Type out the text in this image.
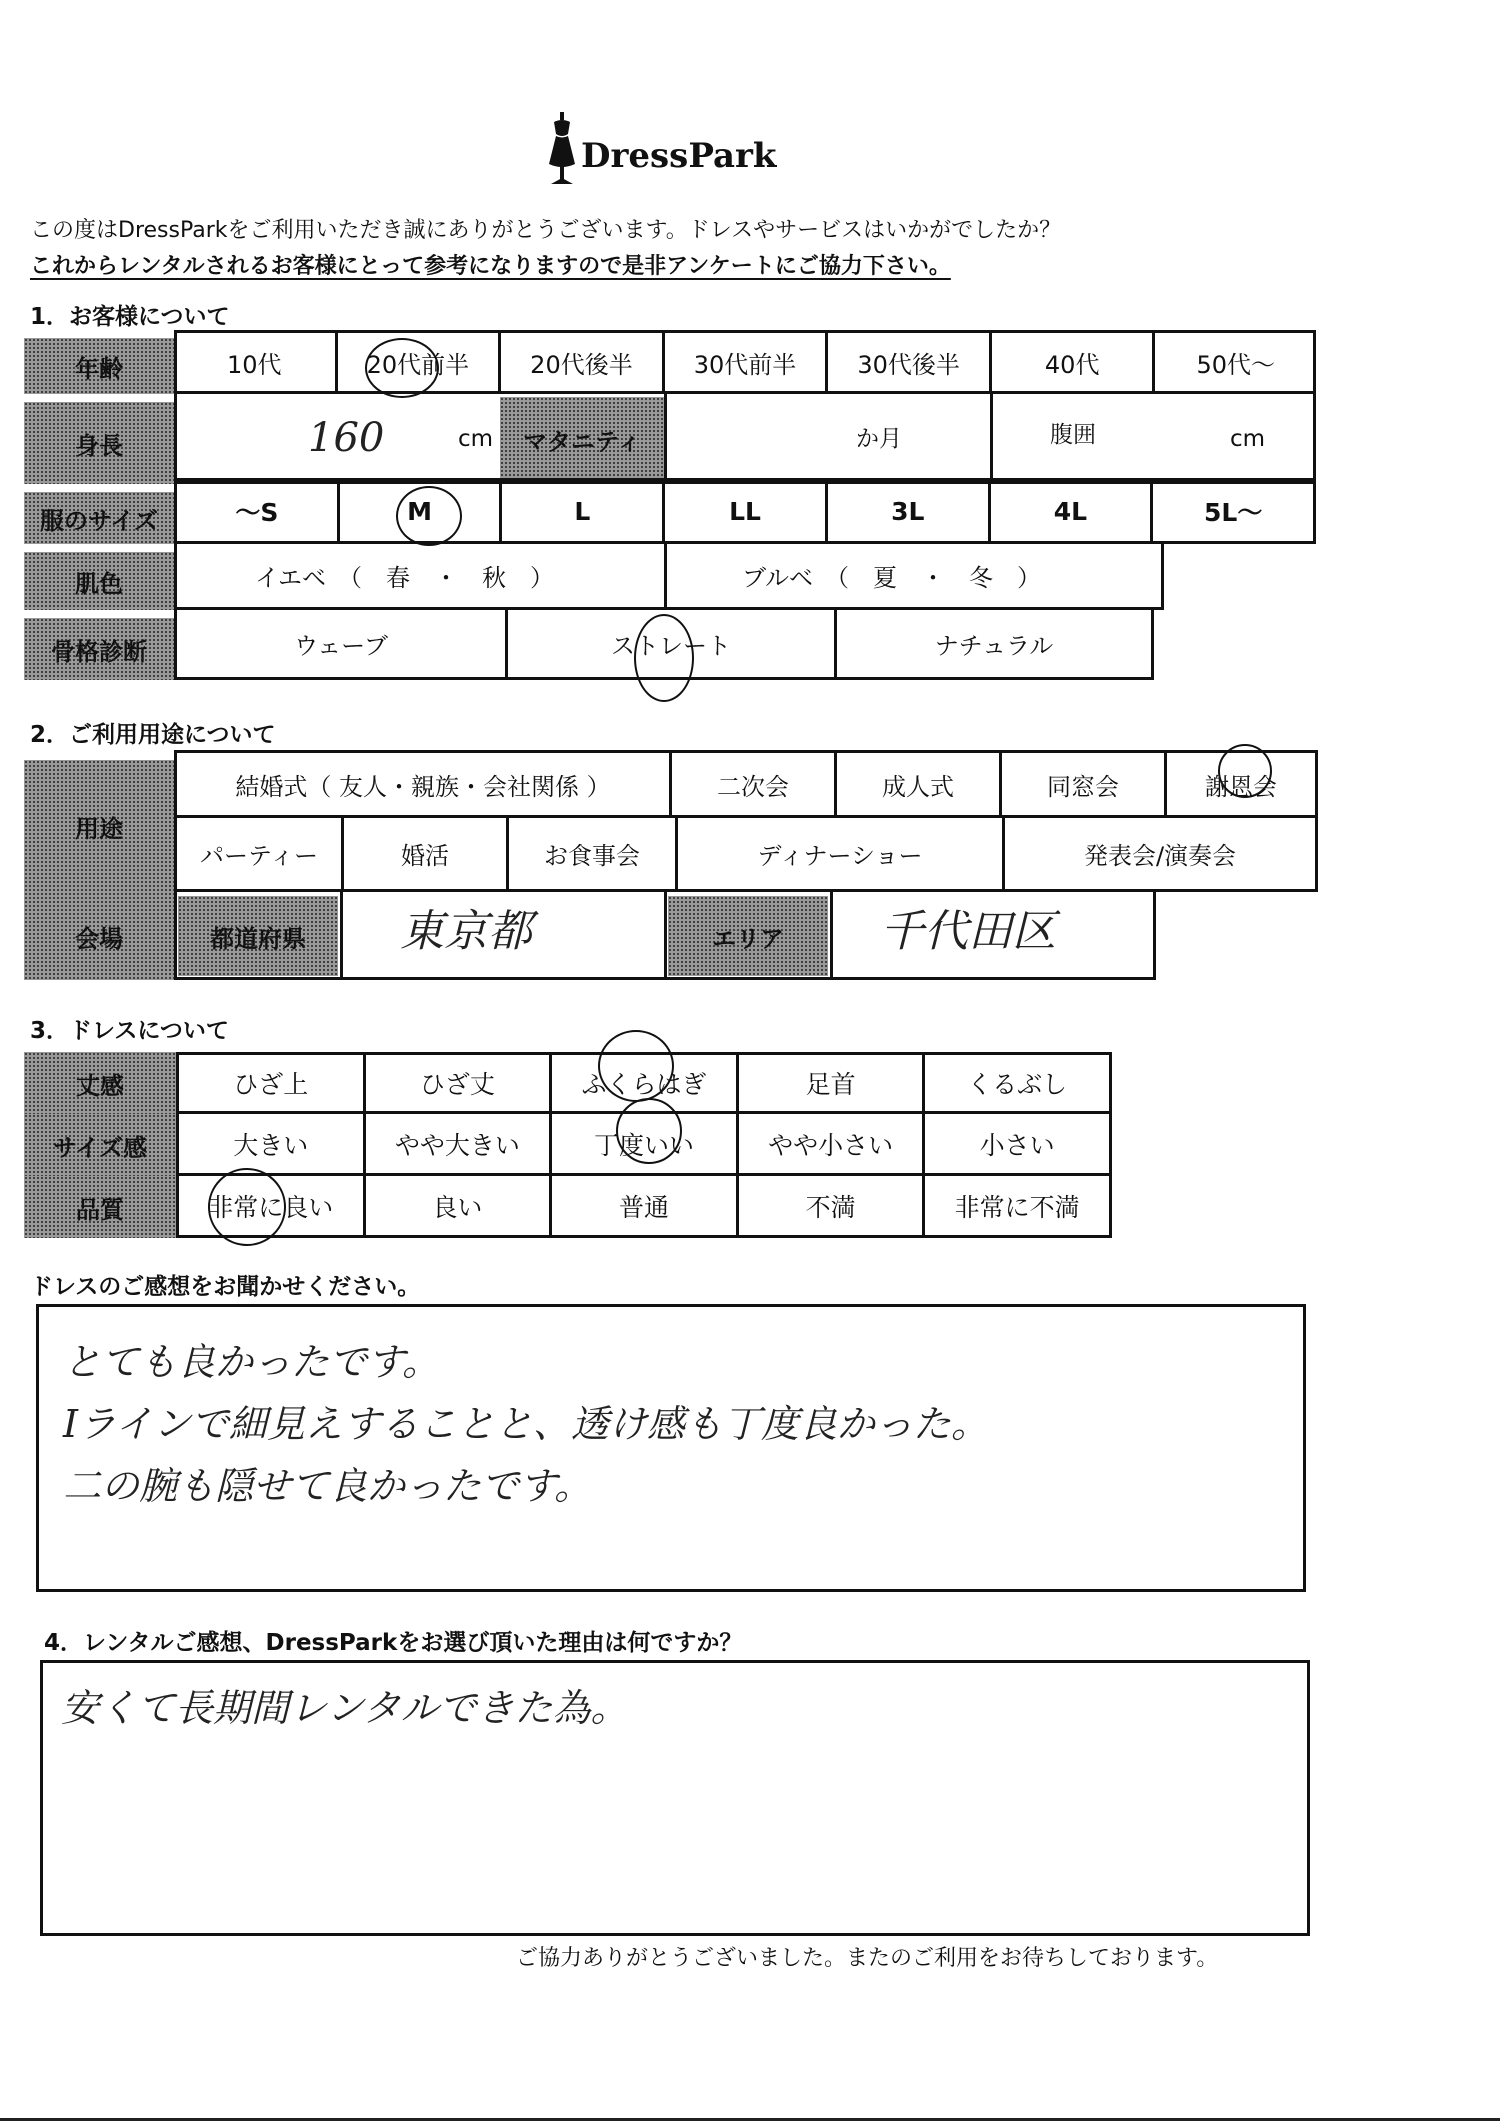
DressPark
この度はDressParkをご利用いただき誠にありがとうございます。ドレスやサービスはいかがでしたか？
これからレンタルされるお客様にとって参考になりますので是非アンケートにご協力下さい。
1．お客様について
年齢	10代	20代前半	20代後半	30代前半	30代後半	40代	50代～
身長	160	cm	マタニティ	か月	腹囲	cm
服のサイズ	～S	M	L	LL	3L	4L	5L～
肌色	イエベ　（　春　・　秋　）	ブルベ　（　夏　・　冬　）
骨格診断	ウェーブ	ストレート	ナチュラル
2．ご利用用途について
用途
結婚式（ 友人・親族・会社関係 ）	二次会	成人式	同窓会	謝恩会
パーティー	婚活	お食事会	ディナーショー	発表会/演奏会
会場	都道府県	東京都	エリア	千代田区
3．ドレスについて
丈感	ひざ上	ひざ丈	ふくらはぎ	足首	くるぶし
サイズ感	大きい	やや大きい	丁度いい	やや小さい	小さい
品質	非常に良い	良い	普通	不満	非常に不満
ドレスのご感想をお聞かせください。
とても良かったです。
Iラインで細見えすることと、透け感も丁度良かった。
二の腕も隠せて良かったです。
4．レンタルご感想、DressParkをお選び頂いた理由は何ですか？
安くて長期間レンタルできた為。
ご協力ありがとうございました。またのご利用をお待ちしております。
